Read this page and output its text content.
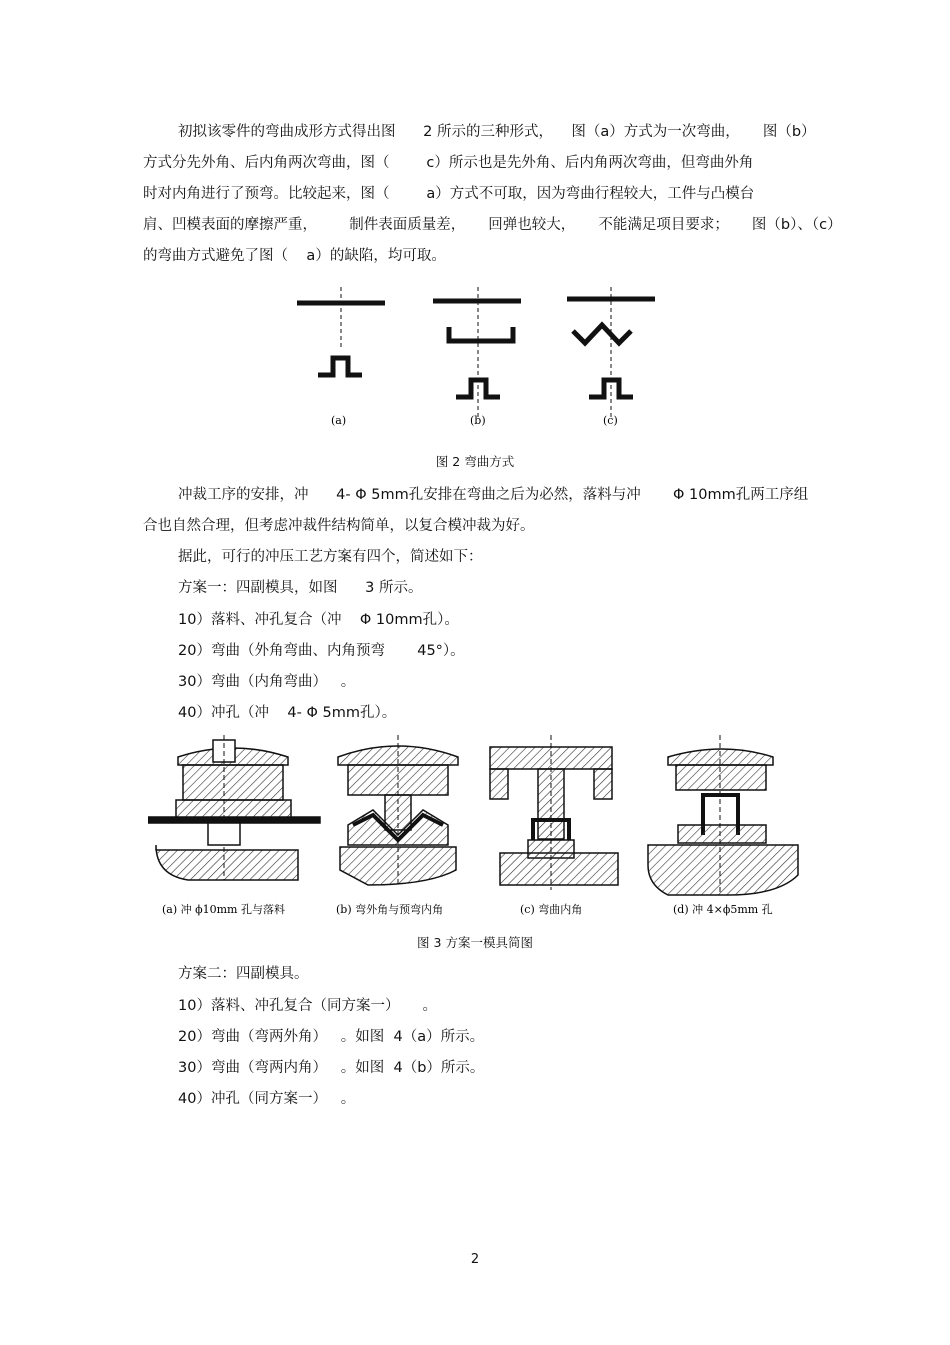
初拟该零件的弯曲成形方式得出图      2 所示的三种形式，    图（a）方式为一次弯曲，     图（b）
方式分先外角、后内角两次弯曲，图（        c）所示也是先外角、后内角两次弯曲，但弯曲外角
时对内角进行了预弯。比较起来，图（        a）方式不可取，因为弯曲行程较大，工件与凸模台
肩、凹模表面的摩擦严重，       制件表面质量差，     回弹也较大，     不能满足项目要求；     图（b）、（c）
的弯曲方式避免了图（    a）的缺陷，均可取。
(a)	(b)	(c)
图 2 弯曲方式
冲裁工序的安排，冲      4- Φ 5mm孔安排在弯曲之后为必然，落料与冲       Φ 10mm孔两工序组
合也自然合理，但考虑冲裁件结构简单，以复合模冲裁为好。
据此，可行的冲压工艺方案有四个，简述如下：
方案一：四副模具，如图      3 所示。
10）落料、冲孔复合（冲    Φ 10mm孔）。
20）弯曲（外角弯曲、内角预弯       45°）。
30）弯曲（内角弯曲）   。
40）冲孔（冲    4- Φ 5mm孔）。
(a) 冲 ϕ10mm 孔与落料	(b) 弯外角与预弯内角	(c) 弯曲内角	(d) 冲 4×ϕ5mm 孔
图 3 方案一模具简图
方案二：四副模具。
10）落料、冲孔复合（同方案一）     。
20）弯曲（弯两外角）   。如图  4（a）所示。
30）弯曲（弯两内角）   。如图  4（b）所示。
40）冲孔（同方案一）   。
2
